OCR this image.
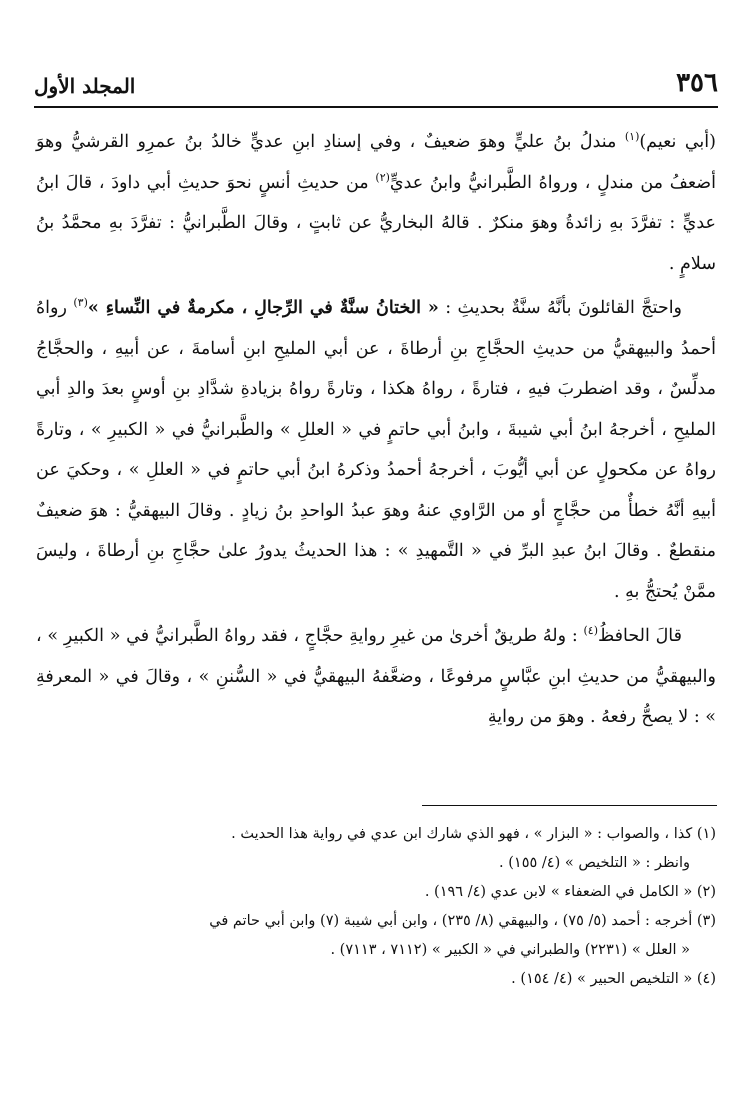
٣٥٦
المجلد الأول

(أبي نعيم)$^{(١)}$ مندلُ بنُ عليٍّ وهوَ ضعيفٌ ، وفي إسنادِ ابنِ عديٍّ خالدُ بنُ عمرِو القرشيُّ وهوَ أضعفُ من مندلٍ ، ورواهُ الطَّبرانيُّ وابنُ عديٍّ$^{(٢)}$ من حديثِ أنسٍ نحوَ حديثِ أبي داودَ ، قالَ ابنُ عديٍّ : تفرَّدَ بهِ زائدةُ وهوَ منكرٌ . قالهُ البخاريُّ عن ثابتٍ ، وقالَ الطَّبرانيُّ : تفرَّدَ بهِ محمَّدُ بنُ سلامٍ .

واحتجَّ القائلونَ بأنَّهُ سنَّةٌ بحديثِ : « الختانُ سنَّةٌ في الرِّجالِ ، مكرمةٌ في النِّساءِ »$^{(٣)}$ رواهُ أحمدُ والبيهقيُّ من حديثِ الحجَّاجِ بنِ أرطاةَ ، عن أبي المليحِ ابنِ أسامةَ ، عن أبيهِ ، والحجَّاجُ مدلِّسٌ ، وقد اضطربَ فيهِ ، فتارةً ، رواهُ هكذا ، وتارةً رواهُ بزيادةِ شدَّادِ بنِ أوسٍ بعدَ والدِ أبي المليحِ ، أخرجهُ ابنُ أبي شيبةَ ، وابنُ أبي حاتمٍ في « العللِ » والطَّبرانيُّ في « الكبيرِ » ، وتارةً رواهُ عن مكحولٍ عن أبي أيُّوبَ ، أخرجهُ أحمدُ وذكرهُ ابنُ أبي حاتمٍ في « العللِ » ، وحكيَ عن أبيهِ أنَّهُ خطأٌ من حجَّاجٍ أو من الرَّاوي عنهُ وهوَ عبدُ الواحدِ بنُ زيادٍ . وقالَ البيهقيُّ : هوَ ضعيفٌ منقطعٌ . وقالَ ابنُ عبدِ البرِّ في « التَّمهيدِ » : هذا الحديثُ يدورُ علىٰ حجَّاجِ بنِ أرطاةَ ، وليسَ ممَّنْ يُحتجُّ بهِ .

قالَ الحافظُ$^{(٤)}$ : ولهُ طريقٌ أخرىٰ من غيرِ روايةِ حجَّاجٍ ، فقد رواهُ الطَّبرانيُّ في « الكبيرِ » ، والبيهقيُّ من حديثِ ابنِ عبَّاسٍ مرفوعًا ، وضعَّفهُ البيهقيُّ في « السُّننِ » ، وقالَ في « المعرفةِ » : لا يصحُّ رفعهُ . وهوَ من روايةِ

(١) كذا ، والصواب : « البزار » ، فهو الذي شارك ابن عدي في رواية هذا الحديث .
وانظر : « التلخيص » (٤/ ١٥٥) .

(٢) « الكامل في الضعفاء » لابن عدي (٤/ ١٩٦) .

(٣) أخرجه : أحمد (٥/ ٧٥) ، والبيهقي (٨/ ٢٣٥) ، وابن أبي شيبة (٧) وابن أبي حاتم في
« العلل » (٢٢٣١) والطبراني في « الكبير » (٧١١٢ ، ٧١١٣) .

(٤) « التلخيص الحبير » (٤/ ١٥٤) .
